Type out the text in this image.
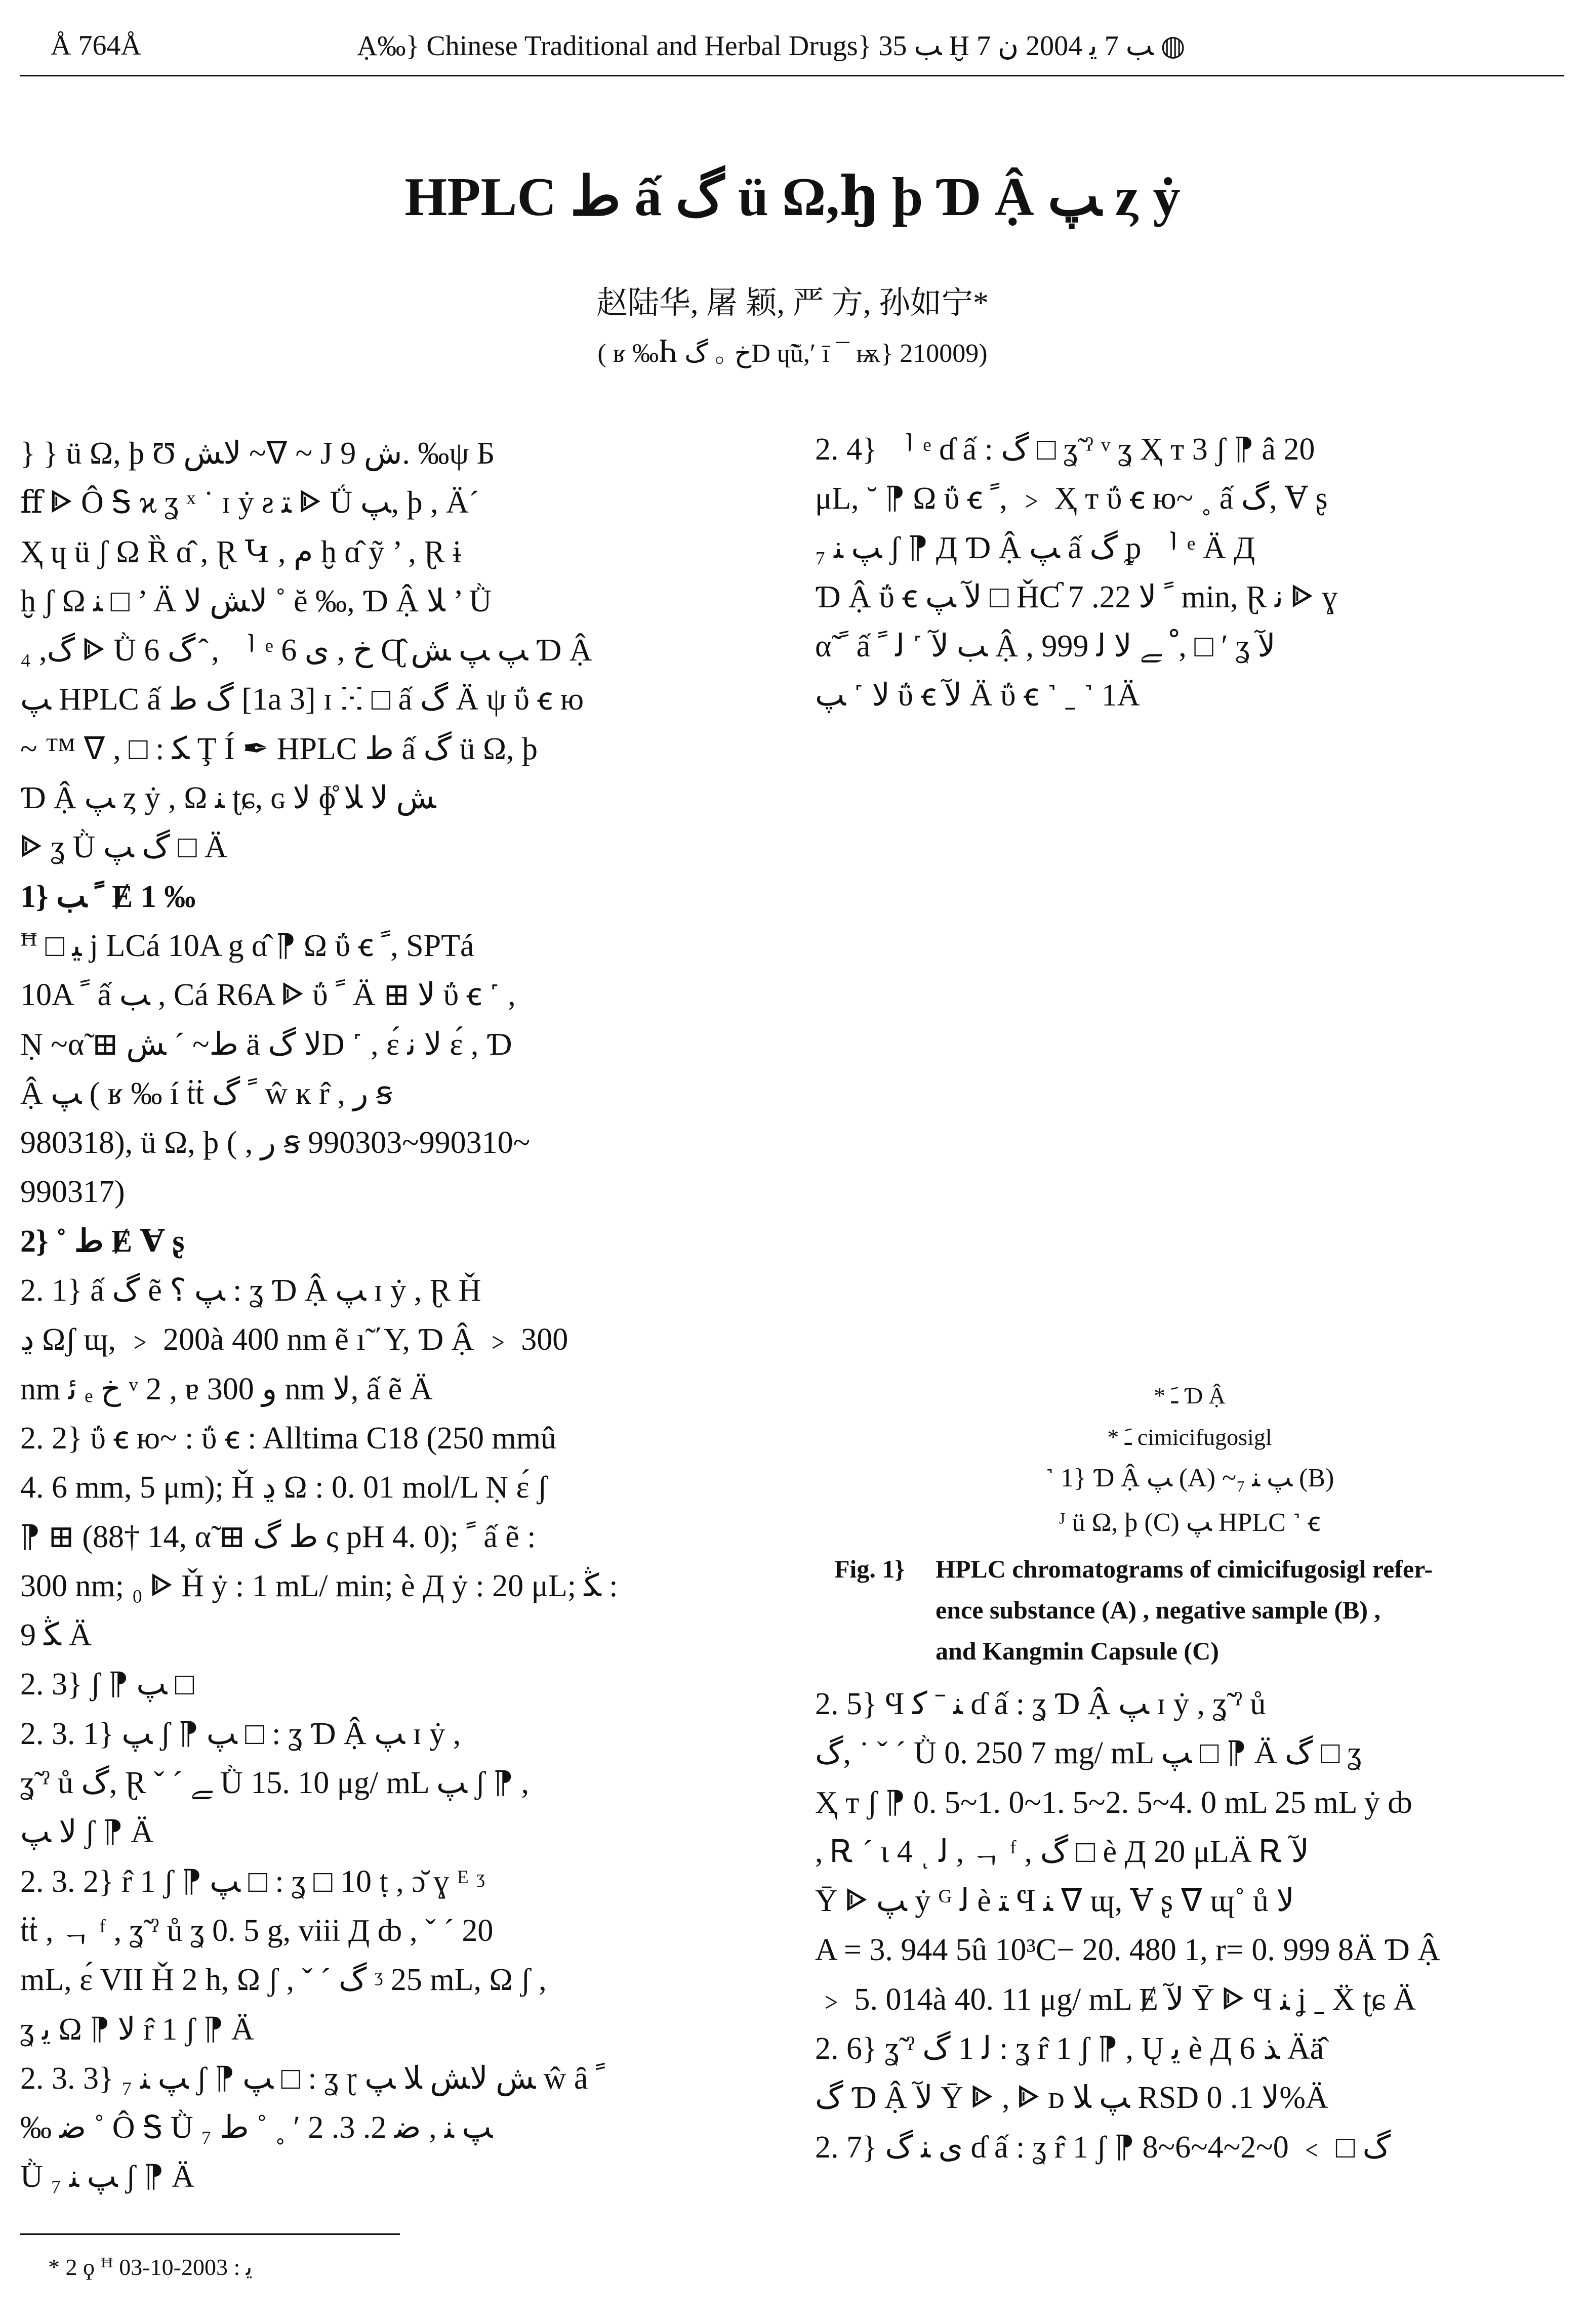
Å 764Å	Ạ‰} Chinese Traditional and Herbal Drugs} ﺐ 35 Ḫ ﺐ 7 ﯾ 2004 ﻥ 7 ◍
HPLC ﻁ ấ ﮒ ü Ω,ꜧ þ Ɗ Ậ ﭗ ȥ ẏ
赵陆华, 屠 颖, 严 方, 孙如宁*
( ʁ ‰Ⴙ خ ｡ ﮒD ɥ̃ũ,′ ī ¯ ѭ} 210009)
} } ü Ω, þ Ʊ ﻻﺶ ~ᐁ ~ J ﺵ 9. ‰ψ Б
ﬀ ᐈ Ô Ꭶ ϰ ʓ ˣ ˙ ɪ ẏ ƨ ﺘ ᐈ Ǘ ﭗ, þ , Ä´
Ҳ ɥ ü ʃ Ω Ȑ ɑ̂ , Ɽ Կ , ﻡ ḫ ɑ̂ ỹ ’ , Ɽ ɨ
ḫ ʃ Ω ﻨ □ ’ Ä ﻻﺶ ﻻ ˚ ĕ ‰, Ɗ Ậ ﻼ ’ Ǜ
ﮒ, ₄ ᐈ Ǜ ﮒ 6 ̂ , ᅵ ᵉ 6 ﺥ , ﯼ Ɋ̂ ﭗ ﭗ ﺶ Ɗ Ậ
ﭗ HPLC ấ ﮒ ﻁ [1a 3] ɪ ⵘ □ ấ ﮒ Ä ψ ΰ ꞓ ю
~ ™ ᐁ , □ : ﮑ Ţ Í ✒ HPLC ﻁ ấ ﮒ ü Ω, þ
Ɗ Ậ ﭗ ȥ ẏ , Ω ﻨ ʈɕ, ɢ ﻻ ɸ̊ ﺶ ﻻ ﻼ
ᐈ ʓ Ǜ ﮒ ﭗ □ Ä
1} ﹰ ﺐ Ɇ 1 ‰
ꟸ □ ﯿ j LCá 10A g ɑ̂ ⁋ Ω ΰ ꞓ ﹰ, SPTá
10A ﹰ ấ ﺐ , Cá R6A ᐈ ΰ ﹰ Ä ⊞ ﻻ ΰ ꞓ ˹ ,
Ṇ ~α̃ ⊞ ﻁ~ ˊ ﺶ ä ﻻ ﮒD ˹ , ɛ́ ﻻ ﻧ ɛ́ , Ɗ
Ậ ﭗ ( ʁ ‰ í ṫṫ ﹰ ﮒ ŵ ĸ r̂ , ﺭ ꞩ
980318), ü Ω, þ ( , ﺭ ꞩ 990303~990310~
990317)
2} ˚ ﻁ Ɇ Ɐ ʂ
2. 1} ấ ﮒ ẽ ﭗ ؟ : ʓ Ɗ Ậ ﭗ ɪ ẏ , Ɽ Ȟ
ﮂ Ωʃ ɰ, ﹥ 200à 400 nm ẽ ı̃ ΄Y, Ɗ Ậ ﹥ 300
nm ﺋ ₑ ﺥ ᵛ 2 , ɐ ﻭ 300 nm ﻻ, ấ ẽ Ä
2. 2} ΰ ꞓ ю~ : ΰ ꞓ : Alltima C18 (250 mmû
4. 6 mm, 5 μm); Ȟ ﮂ Ω : 0. 01 mol/L Ṇ ɛ́ ʃ
⁋ ⊞ (88† 14, α̃ ⊞ ﻁ ﮒ ς pH 4. 0); ﹰ ấ ẽ :
300 nm; ₀ ᐈ Ȟ ẏ : 1 mL/ min; è Д ẏ : 20 μL; ﯖ :
9 ﯖ Ä
2. 3} ʃ ⁋ ﭗ □
2. 3. 1} ﭗ ʃ ⁋ ﭗ □ : ʓ Ɗ Ậ ﭗ ɪ ẏ ,
ʓ̃ ˀ ů ﮒ, Ɽ ˇ ˊ ﮯ Ǜ 15. 10 μg/ mL ﭗ ʃ ⁋ ,
ﻻ ﭗ ʃ ⁋ Ä
2. 3. 2} r̂ 1 ʃ ⁋ ﭗ □ : ʓ □ 10 ṭ , ɔ̆ ɣ ᴱ ᶾ
ṫṫ , ᆨ ᶠ , ʓ̃ ˀ ů ʓ 0. 5 g, viii Д ȸ , ˇ ˊ 20
mL, ɛ́ VII Ȟ 2 h, Ω ʃ , ˇ ˊ ﮒ ᶾ 25 mL, Ω ʃ ,
ʓ ﯾ Ω ⁋ ﻻ r̂ 1 ʃ ⁋ Ä
2. 3. 3} ₇ ﭗ ﻨ ʃ ⁋ ﭗ □ : ʓ ɽ ﺶ ﻻﺶ ﻼ ﭗ ŵ ȃ ﹰ
‰ ﺿ ˚ Ô Ꭶ Ǜ ₇ ﭗ ﻨ , ﺿ 2. 3. 2 ′ ˳ ˚ ﻁ
Ǜ ₇ ﭗ ﻨ ʃ ⁋ Ä
2. 4} ᅵ ᵉ ɗ ấ : ﮒ □ ʓ̃ ˀ ᵛ ʓ Ҳ т 3 ʃ ⁋ â 20
μL, ˘ ⁋ Ω ΰ ꞓ ﹰ, ﹥ Ҳ т ΰ ꞓ ю~ ˳ ấ ﮒ, Ɐ ʂ
₇ ﭗ ﻨ ʃ ⁋ Д Ɗ Ậ ﭗ ấ ﮒ ᵱ ᅵ ᵉ Ä Д
Ɗ Ậ ΰ ꞓ ﻵ ﭗ □ ȞƇ ﹰ ﻻ 22. 7 min, Ɽ ﻧ ᐈ ɣ
α̃ ﹰ ấ ﺐ ﻵ ˹ ﻟ ﹰ Ậ , ﹾ ﮯ ﻻ ﻟ 999, □ ′ ʓ ﻵ
ﻻ ˹ ﭗ ΰ ꞓ ﻵ Ä ΰ ꞓ ˺ ˍ ˺ 1Ä
* ﹷ Ɗ Ậ
* ﹷ cimicifugosigl
˺ 1} Ɗ Ậ ﭗ (A) ~₇ ﭗ ﻨ (B)
ᴶ ü Ω, þ (C) ﭗ HPLC ˺ ꞓ
Fig. 1}	HPLC chromatograms of cimicifugosigl refer-
ence substance (A) , negative sample (B) ,
and Kangmin Capsule (C)
2. 5} Ϥ ﻨ ˉ ﮐ ɗ ấ : ʓ Ɗ Ậ ﭗ ɪ ẏ , ʓ̃ ˀ ů
ﮒ, ˙ ˇ ˊ Ǜ 0. 250 7 mg/ mL ﭗ □ ⁋ Ä ﮒ □ ʓ
Ҳ т ʃ ⁋ 0. 5~1. 0~1. 5~2. 5~4. 0 mL 25 mL ẏ ȸ
, Ꭱ ˊ ɩ 4 ͺ ﻟ , ᆨ ᶠ , ﮒ □ è Д 20 μLÄ Ꭱ ﻵ
Ȳ ᐈ ﭗ ẏ ᴳ ﻟ è ﺘ Ϥ ﻨ ᐁ ɰ, Ɐ ʂ ᐁ ɰ˚ ů ﻻ
A = 3. 944 5û 10³C− 20. 480 1, r= 0. 999 8Ä Ɗ Ậ
﹥ 5. 014à 40. 11 μg/ mL Ɇ ﻵ Ȳ ᐈ Ϥ ﻨ ʝ ˍ Ẍ ʈɕ Ä
2. 6} ʓ̃ ˀ ﻟ 1 ﮒ : ʓ r̂ 1 ʃ ⁋ , Ų ﯾ è Д 6 ﺬ Ää̂
ﮒ Ɗ Ậ ﻵ Ȳ ᐈ , ᐈ ᴅ ﭗ ﻼ RSD ﻻ 1. 0%Ä
2. 7} ﯼ ﻨ ﮒ ɗ ấ : ʓ r̂ 1 ʃ ⁋ ﮒ □ ﹥ 0~2~4~6~8
* 2 ϙ ꟸ ﯾ : 2003-10-03
